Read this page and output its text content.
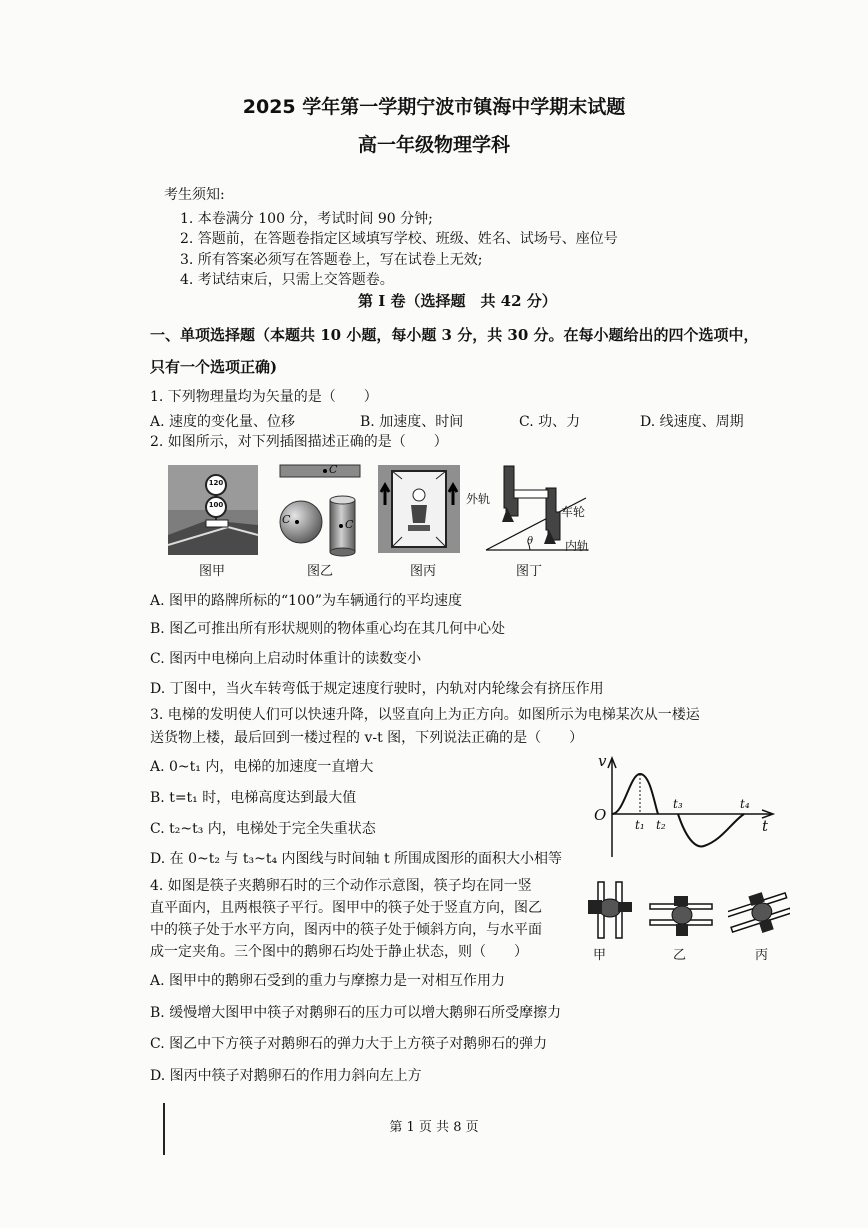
2025 学年第一学期宁波市镇海中学期末试题
高一年级物理学科
考生须知:
1. 本卷满分 100 分，考试时间 90 分钟;
2. 答题前，在答题卷指定区域填写学校、班级、姓名、试场号、座位号
3. 所有答案必须写在答题卷上，写在试卷上无效;
4. 考试结束后，只需上交答题卷。
第 I 卷（选择题　共 42 分）
一、单项选择题（本题共 10 小题，每小题 3 分，共 30 分。在每小题给出的四个选项中，
只有一个选项正确)
1. 下列物理量均为矢量的是（　　）
A. 速度的变化量、位移	B. 加速度、时间	C. 功、力	D. 线速度、周期
2. 如图所示，对下列插图描述正确的是（　　）
120
100
C
C	C
外轨
车轮
内轨
θ
图甲	图乙	图丙	图丁
A. 图甲的路牌所标的“100”为车辆通行的平均速度
B. 图乙可推出所有形状规则的物体重心均在其几何中心处
C. 图丙中电梯向上启动时体重计的读数变小
D. 丁图中，当火车转弯低于规定速度行驶时，内轨对内轮缘会有挤压作用
3. 电梯的发明使人们可以快速升降，以竖直向上为正方向。如图所示为电梯某次从一楼运
送货物上楼，最后回到一楼过程的 v-t 图，下列说法正确的是（　　）
A. 0~t₁ 内，电梯的加速度一直增大
B. t=t₁ 时，电梯高度达到最大值
C. t₂~t₃ 内，电梯处于完全失重状态
D. 在 0~t₂ 与 t₃~t₄ 内图线与时间轴 t 所围成图形的面积大小相等
v
O
t
t₁ t₂
t₃	t₄
4. 如图是筷子夹鹅卵石时的三个动作示意图，筷子均在同一竖
直平面内，且两根筷子平行。图甲中的筷子处于竖直方向，图乙
中的筷子处于水平方向，图丙中的筷子处于倾斜方向，与水平面
成一定夹角。三个图中的鹅卵石均处于静止状态，则（　　）	甲	乙	丙
A. 图甲中的鹅卵石受到的重力与摩擦力是一对相互作用力
B. 缓慢增大图甲中筷子对鹅卵石的压力可以增大鹅卵石所受摩擦力
C. 图乙中下方筷子对鹅卵石的弹力大于上方筷子对鹅卵石的弹力
D. 图丙中筷子对鹅卵石的作用力斜向左上方
第 1 页 共 8 页
